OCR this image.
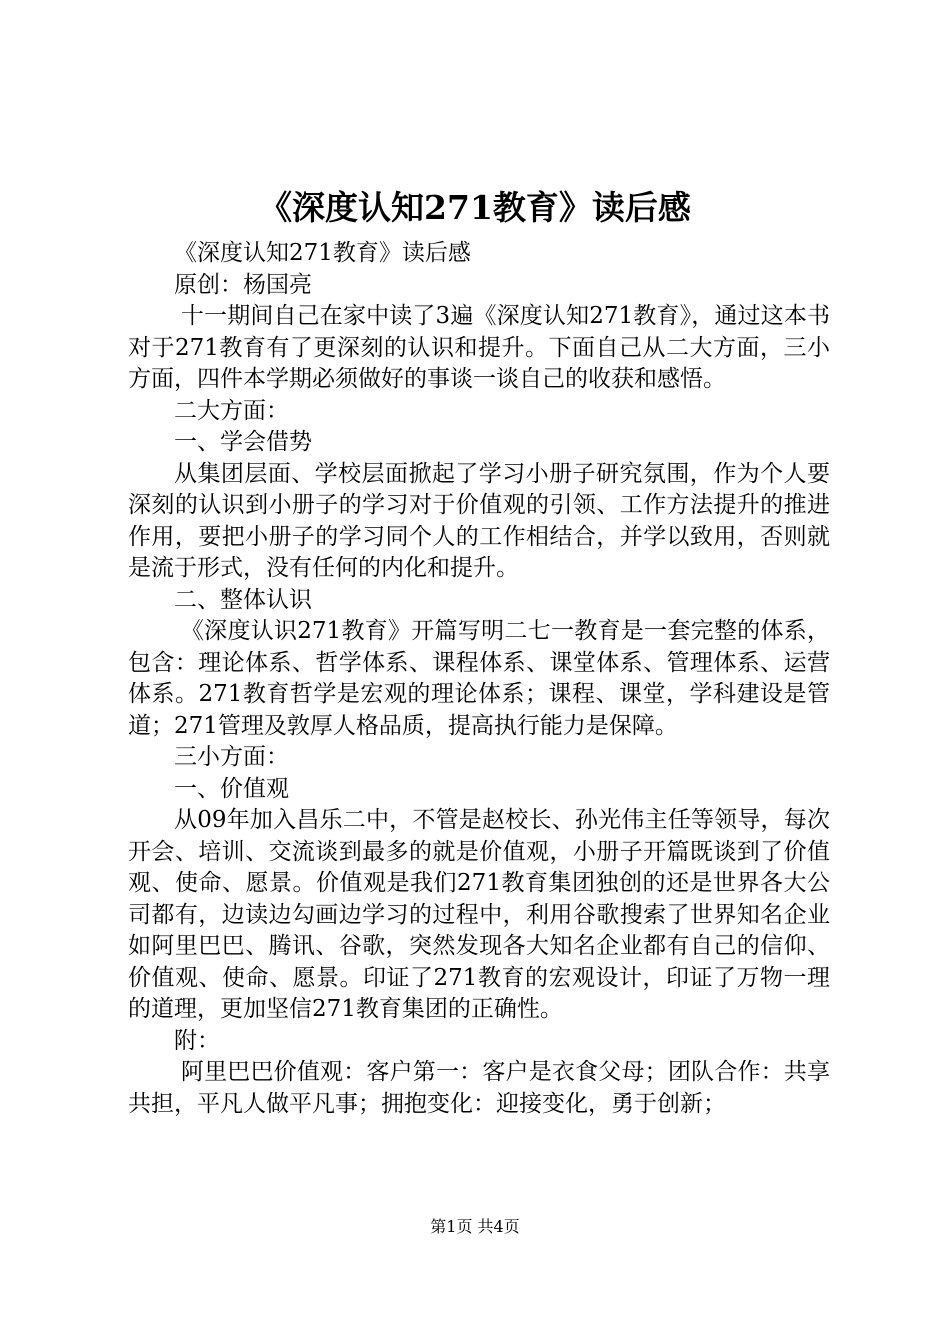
《深度认知271教育》读后感

《深度认知271教育》读后感

原创：杨国亮

十一期间自己在家中读了3遍《深度认知271教育》，通过这本书对于271教育有了更深刻的认识和提升。下面自己从二大方面，三小方面，四件本学期必须做好的事谈一谈自己的收获和感悟。

二大方面：

一、学会借势

从集团层面、学校层面掀起了学习小册子研究氛围，作为个人要深刻的认识到小册子的学习对于价值观的引领、工作方法提升的推进作用，要把小册子的学习同个人的工作相结合，并学以致用，否则就是流于形式，没有任何的内化和提升。

二、整体认识

《深度认识271教育》开篇写明二七一教育是一套完整的体系，包含：理论体系、哲学体系、课程体系、课堂体系、管理体系、运营体系。271教育哲学是宏观的理论体系；课程、课堂，学科建设是管道；271管理及敦厚人格品质，提高执行能力是保障。

三小方面：

一、价值观

从09年加入昌乐二中，不管是赵校长、孙光伟主任等领导，每次开会、培训、交流谈到最多的就是价值观，小册子开篇既谈到了价值观、使命、愿景。价值观是我们271教育集团独创的还是世界各大公司都有，边读边勾画边学习的过程中，利用谷歌搜索了世界知名企业如阿里巴巴、腾讯、谷歌，突然发现各大知名企业都有自己的信仰、价值观、使命、愿景。印证了271教育的宏观设计，印证了万物一理的道理，更加坚信271教育集团的正确性。

附：

阿里巴巴价值观：客户第一：客户是衣食父母；团队合作：共享共担，平凡人做平凡事；拥抱变化：迎接变化，勇于创新；

第1页 共4页
